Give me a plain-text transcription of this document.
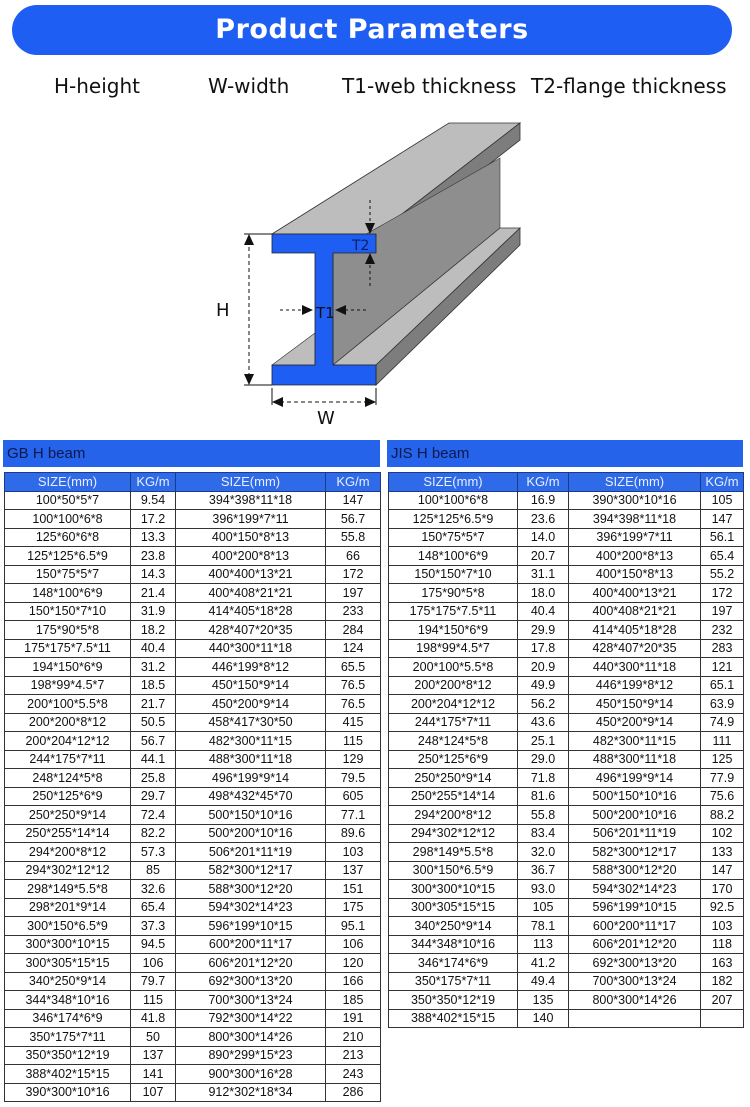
Product Parameters
H-height	W-width	T1-web thickness T2-flange thickness
H
W
T1
T2
GB H beam	JIS H beam
SIZE(mm)	KG/m	SIZE(mm)	KG/m
100*50*5*7	9.54	394*398*11*18	147
100*100*6*8	17.2	396*199*7*11	56.7
125*60*6*8	13.3	400*150*8*13	55.8
125*125*6.5*9	23.8	400*200*8*13	66
150*75*5*7	14.3	400*400*13*21	172
148*100*6*9	21.4	400*408*21*21	197
150*150*7*10	31.9	414*405*18*28	233
175*90*5*8	18.2	428*407*20*35	284
175*175*7.5*11	40.4	440*300*11*18	124
194*150*6*9	31.2	446*199*8*12	65.5
198*99*4.5*7	18.5	450*150*9*14	76.5
200*100*5.5*8	21.7	450*200*9*14	76.5
200*200*8*12	50.5	458*417*30*50	415
200*204*12*12	56.7	482*300*11*15	115
244*175*7*11	44.1	488*300*11*18	129
248*124*5*8	25.8	496*199*9*14	79.5
250*125*6*9	29.7	498*432*45*70	605
250*250*9*14	72.4	500*150*10*16	77.1
250*255*14*14	82.2	500*200*10*16	89.6
294*200*8*12	57.3	506*201*11*19	103
294*302*12*12	85	582*300*12*17	137
298*149*5.5*8	32.6	588*300*12*20	151
298*201*9*14	65.4	594*302*14*23	175
300*150*6.5*9	37.3	596*199*10*15	95.1
300*300*10*15	94.5	600*200*11*17	106
300*305*15*15	106	606*201*12*20	120
340*250*9*14	79.7	692*300*13*20	166
344*348*10*16	115	700*300*13*24	185
346*174*6*9	41.8	792*300*14*22	191
350*175*7*11	50	800*300*14*26	210
350*350*12*19	137	890*299*15*23	213
388*402*15*15	141	900*300*16*28	243
390*300*10*16	107	912*302*18*34	286
SIZE(mm)	KG/m	SIZE(mm)	KG/m
100*100*6*8	16.9	390*300*10*16	105
125*125*6.5*9	23.6	394*398*11*18	147
150*75*5*7	14.0	396*199*7*11	56.1
148*100*6*9	20.7	400*200*8*13	65.4
150*150*7*10	31.1	400*150*8*13	55.2
175*90*5*8	18.0	400*400*13*21	172
175*175*7.5*11	40.4	400*408*21*21	197
194*150*6*9	29.9	414*405*18*28	232
198*99*4.5*7	17.8	428*407*20*35	283
200*100*5.5*8	20.9	440*300*11*18	121
200*200*8*12	49.9	446*199*8*12	65.1
200*204*12*12	56.2	450*150*9*14	63.9
244*175*7*11	43.6	450*200*9*14	74.9
248*124*5*8	25.1	482*300*11*15	111
250*125*6*9	29.0	488*300*11*18	125
250*250*9*14	71.8	496*199*9*14	77.9
250*255*14*14	81.6	500*150*10*16	75.6
294*200*8*12	55.8	500*200*10*16	88.2
294*302*12*12	83.4	506*201*11*19	102
298*149*5.5*8	32.0	582*300*12*17	133
300*150*6.5*9	36.7	588*300*12*20	147
300*300*10*15	93.0	594*302*14*23	170
300*305*15*15	105	596*199*10*15	92.5
340*250*9*14	78.1	600*200*11*17	103
344*348*10*16	113	606*201*12*20	118
346*174*6*9	41.2	692*300*13*20	163
350*175*7*11	49.4	700*300*13*24	182
350*350*12*19	135	800*300*14*26	207
388*402*15*15	140		
